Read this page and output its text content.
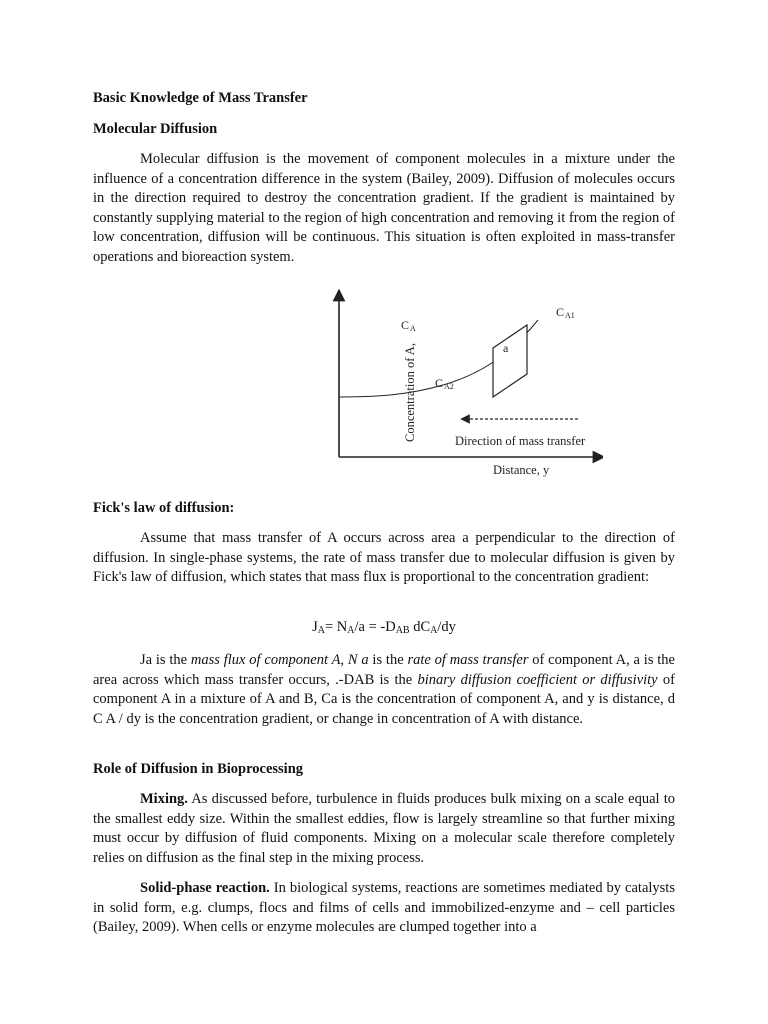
Basic Knowledge of Mass Transfer
Molecular Diffusion
Molecular diffusion is the movement of component molecules in a mixture under the influence of a concentration difference in the system (Bailey, 2009). Diffusion of molecules occurs in the direction required to destroy the concentration gradient. If the gradient is maintained by constantly supplying material to the region of high concentration and removing it from the region of low concentration, diffusion will be continuous. This situation is often exploited in mass-transfer operations and bioreaction system.
Concentration of A,
CA
CA1
CA2
a
Direction of mass transfer
Distance, y
Fick's law of diffusion:
Assume that mass transfer of A occurs across area a perpendicular to the direction of diffusion. In single-phase systems, the rate of mass transfer due to molecular diffusion is given by Fick's law of diffusion, which states that mass flux is proportional to the concentration gradient:
$J_A= N_A/a = -D_{AB}$ $dC_A/dy$
Ja is the mass flux of component A, N a is the rate of mass transfer of component A, a is the area across which mass transfer occurs, .-DAB is the binary diffusion coefficient or diffusivity of component A in a mixture of A and B, Ca is the concentration of component A, and y is distance, d C A / dy is the concentration gradient, or change in concentration of A with distance.
Role of Diffusion in Bioprocessing
Mixing. As discussed before, turbulence in fluids produces bulk mixing on a scale equal to the smallest eddy size. Within the smallest eddies, flow is largely streamline so that further mixing must occur by diffusion of fluid components. Mixing on a molecular scale therefore completely relies on diffusion as the final step in the mixing process.
Solid-phase reaction. In biological systems, reactions are sometimes mediated by catalysts in solid form, e.g. clumps, flocs and films of cells and immobilized-enzyme and – cell particles (Bailey, 2009). When cells or enzyme molecules are clumped together into a
